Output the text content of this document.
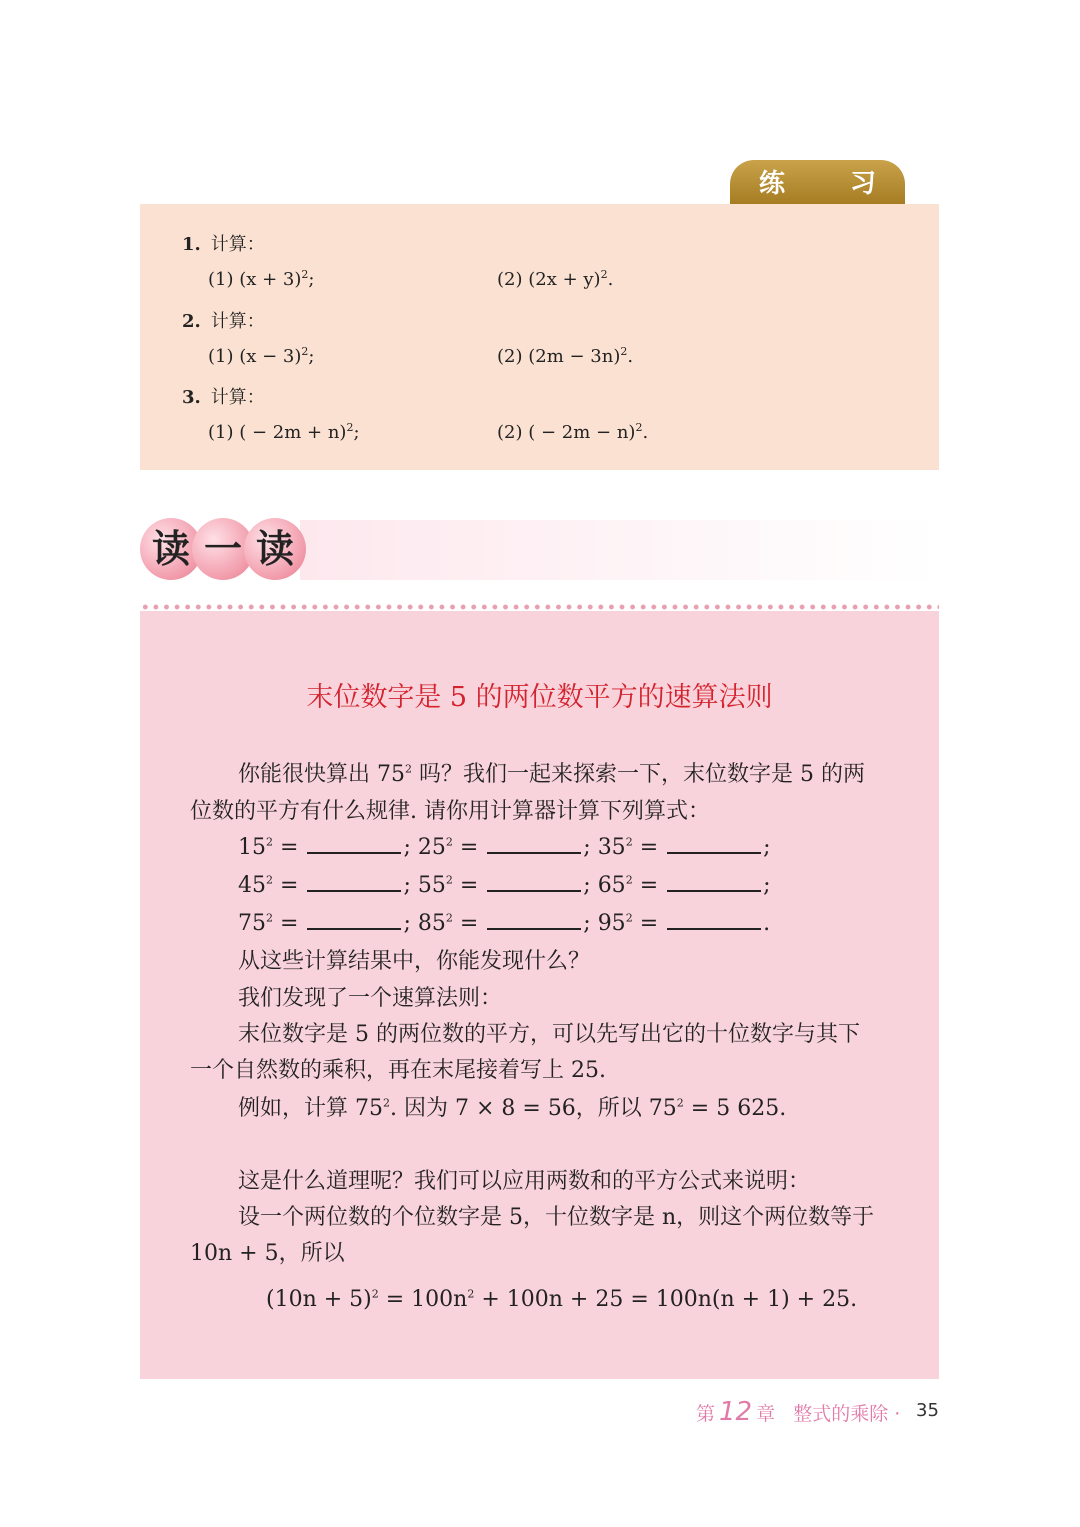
练 习
1. 计算：
(1) $(x + 3)^2$;	(2) $(2x + y)^2$.
2. 计算：
(1) $(x - 3)^2$;	(2) $(2m - 3n)^2$.
3. 计算：
(1) ( − 2m + n)$^2$;	(2) ( − 2m − n)$^2$.
读 一 读
末位数字是 5 的两位数平方的速算法则
你能很快算出 $75^2$ 吗？我们一起来探索一下，末位数字是 5 的两
位数的平方有什么规律. 请你用计算器计算下列算式：
$15^2$ =	; $25^2$ =	; $35^2$ =	;
$45^2$ =	; $55^2$ =	; $65^2$ =	;
$75^2$ =	; $85^2$ =	; $95^2$ =	.
从这些计算结果中，你能发现什么？
我们发现了一个速算法则：
末位数字是 5 的两位数的平方，可以先写出它的十位数字与其下
一个自然数的乘积，再在末尾接着写上 25.
例如，计算 $75^2$. 因为 7 × 8 = 56，所以 $75^2 = 5$ 625.
这是什么道理呢？我们可以应用两数和的平方公式来说明：
设一个两位数的个位数字是 5，十位数字是 n，则这个两位数等于
10n + 5，所以
$(10n + 5)^2 = 100n^2 + 100n + 25 = 100n(n + 1) + 25$.
第 12 章 整式的乘除 · 35
